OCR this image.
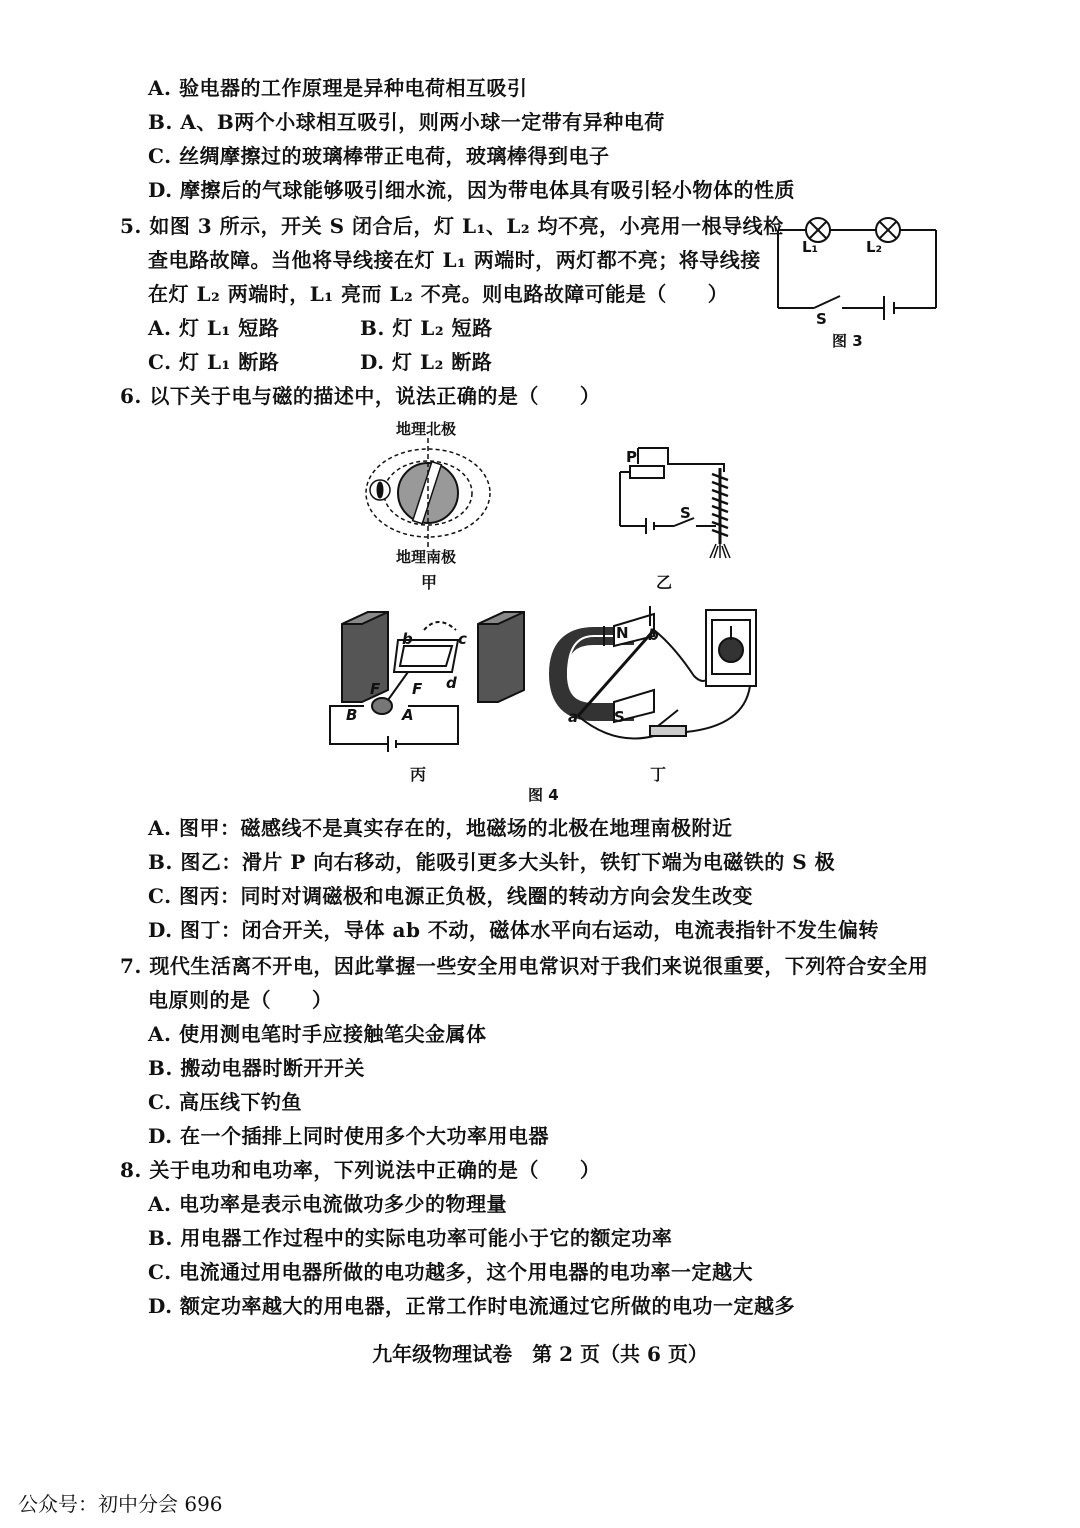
A. 验电器的工作原理是异种电荷相互吸引
B. A、B两个小球相互吸引，则两小球一定带有异种电荷
C. 丝绸摩擦过的玻璃棒带正电荷，玻璃棒得到电子
D. 摩擦后的气球能够吸引细水流，因为带电体具有吸引轻小物体的性质
5. 如图 3 所示，开关 S 闭合后，灯 L₁、L₂ 均不亮，小亮用一根导线检
查电路故障。当他将导线接在灯 L₁ 两端时，两灯都不亮；将导线接
在灯 L₂ 两端时，L₁ 亮而 L₂ 不亮。则电路故障可能是（　　）
A. 灯 L₁ 短路	B. 灯 L₂ 短路
C. 灯 L₁ 断路	D. 灯 L₂ 断路
L₁	L₂
S
图 3
6. 以下关于电与磁的描述中，说法正确的是（　　）
地理北极
地理南极
甲
P
S
乙
b	c
d
F F
B	A
丙
N
S
a
b
丁
图 4
A. 图甲：磁感线不是真实存在的，地磁场的北极在地理南极附近
B. 图乙：滑片 P 向右移动，能吸引更多大头针，铁钉下端为电磁铁的 S 极
C. 图丙：同时对调磁极和电源正负极，线圈的转动方向会发生改变
D. 图丁：闭合开关，导体 ab 不动，磁体水平向右运动，电流表指针不发生偏转
7. 现代生活离不开电，因此掌握一些安全用电常识对于我们来说很重要，下列符合安全用
电原则的是（　　）
A. 使用测电笔时手应接触笔尖金属体
B. 搬动电器时断开开关
C. 高压线下钓鱼
D. 在一个插排上同时使用多个大功率用电器
8. 关于电功和电功率，下列说法中正确的是（　　）
A. 电功率是表示电流做功多少的物理量
B. 用电器工作过程中的实际电功率可能小于它的额定功率
C. 电流通过用电器所做的电功越多，这个用电器的电功率一定越大
D. 额定功率越大的用电器，正常工作时电流通过它所做的电功一定越多
九年级物理试卷　第 2 页（共 6 页）
公众号：初中分会 696
